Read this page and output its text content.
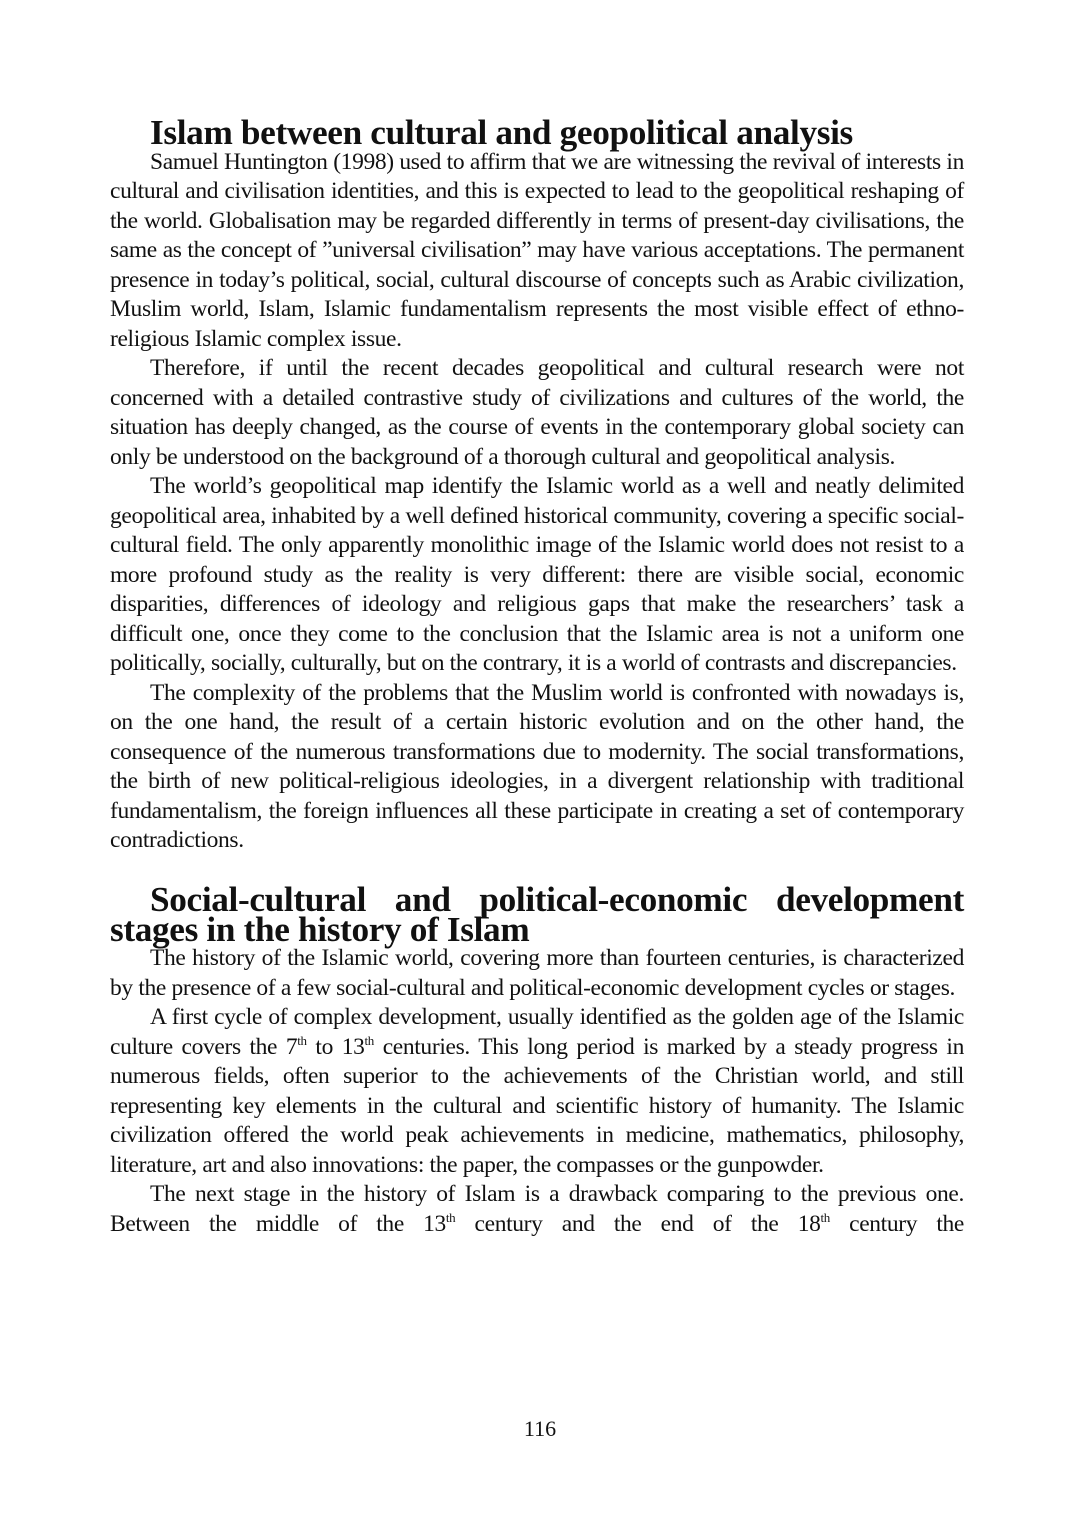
Islam between cultural and geopolitical analysis

Samuel Huntington (1998) used to affirm that we are witnessing the revival of interests in cultural and civilisation identities, and this is expected to lead to the geopolitical reshaping of the world. Globalisation may be regarded differently in terms of present-day civilisations, the same as the concept of ”universal civilisation” may have various acceptations. The permanent presence in today’s political, social, cultural discourse of concepts such as Arabic civilization, Muslim world, Islam, Islamic fundamentalism represents the most visible effect of ethno-religious Islamic complex issue.

Therefore, if until the recent decades geopolitical and cultural research were not concerned with a detailed contrastive study of civilizations and cultures of the world, the situation has deeply changed, as the course of events in the contemporary global society can only be understood on the background of a thorough cultural and geopolitical analysis.

The world’s geopolitical map identify the Islamic world as a well and neatly delimited geopolitical area, inhabited by a well defined historical community, covering a specific social-cultural field. The only apparently monolithic image of the Islamic world does not resist to a more profound study as the reality is very different: there are visible social, economic disparities, differences of ideology and religious gaps that make the researchers’ task a difficult one, once they come to the conclusion that the Islamic area is not a uniform one politically, socially, culturally, but on the contrary, it is a world of contrasts and discrepancies.

The complexity of the problems that the Muslim world is confronted with nowadays is, on the one hand, the result of a certain historic evolution and on the other hand, the consequence of the numerous transformations due to modernity. The social transformations, the birth of new political-religious ideologies, in a divergent relationship with traditional fundamentalism, the foreign influences all these participate in creating a set of contemporary contradictions.

Social-cultural and political-economic development stages in the history of Islam

The history of the Islamic world, covering more than fourteen centuries, is characterized by the presence of a few social-cultural and political-economic development cycles or stages.

A first cycle of complex development, usually identified as the golden age of the Islamic culture covers the 7th to 13th centuries. This long period is marked by a steady progress in numerous fields, often superior to the achievements of the Christian world, and still representing key elements in the cultural and scientific history of humanity. The Islamic civilization offered the world peak achievements in medicine, mathematics, philosophy, literature, art and also innovations: the paper, the compasses or the gunpowder.

The next stage in the history of Islam is a drawback comparing to the previous one. Between the middle of the 13th century and the end of the 18th century the

116
